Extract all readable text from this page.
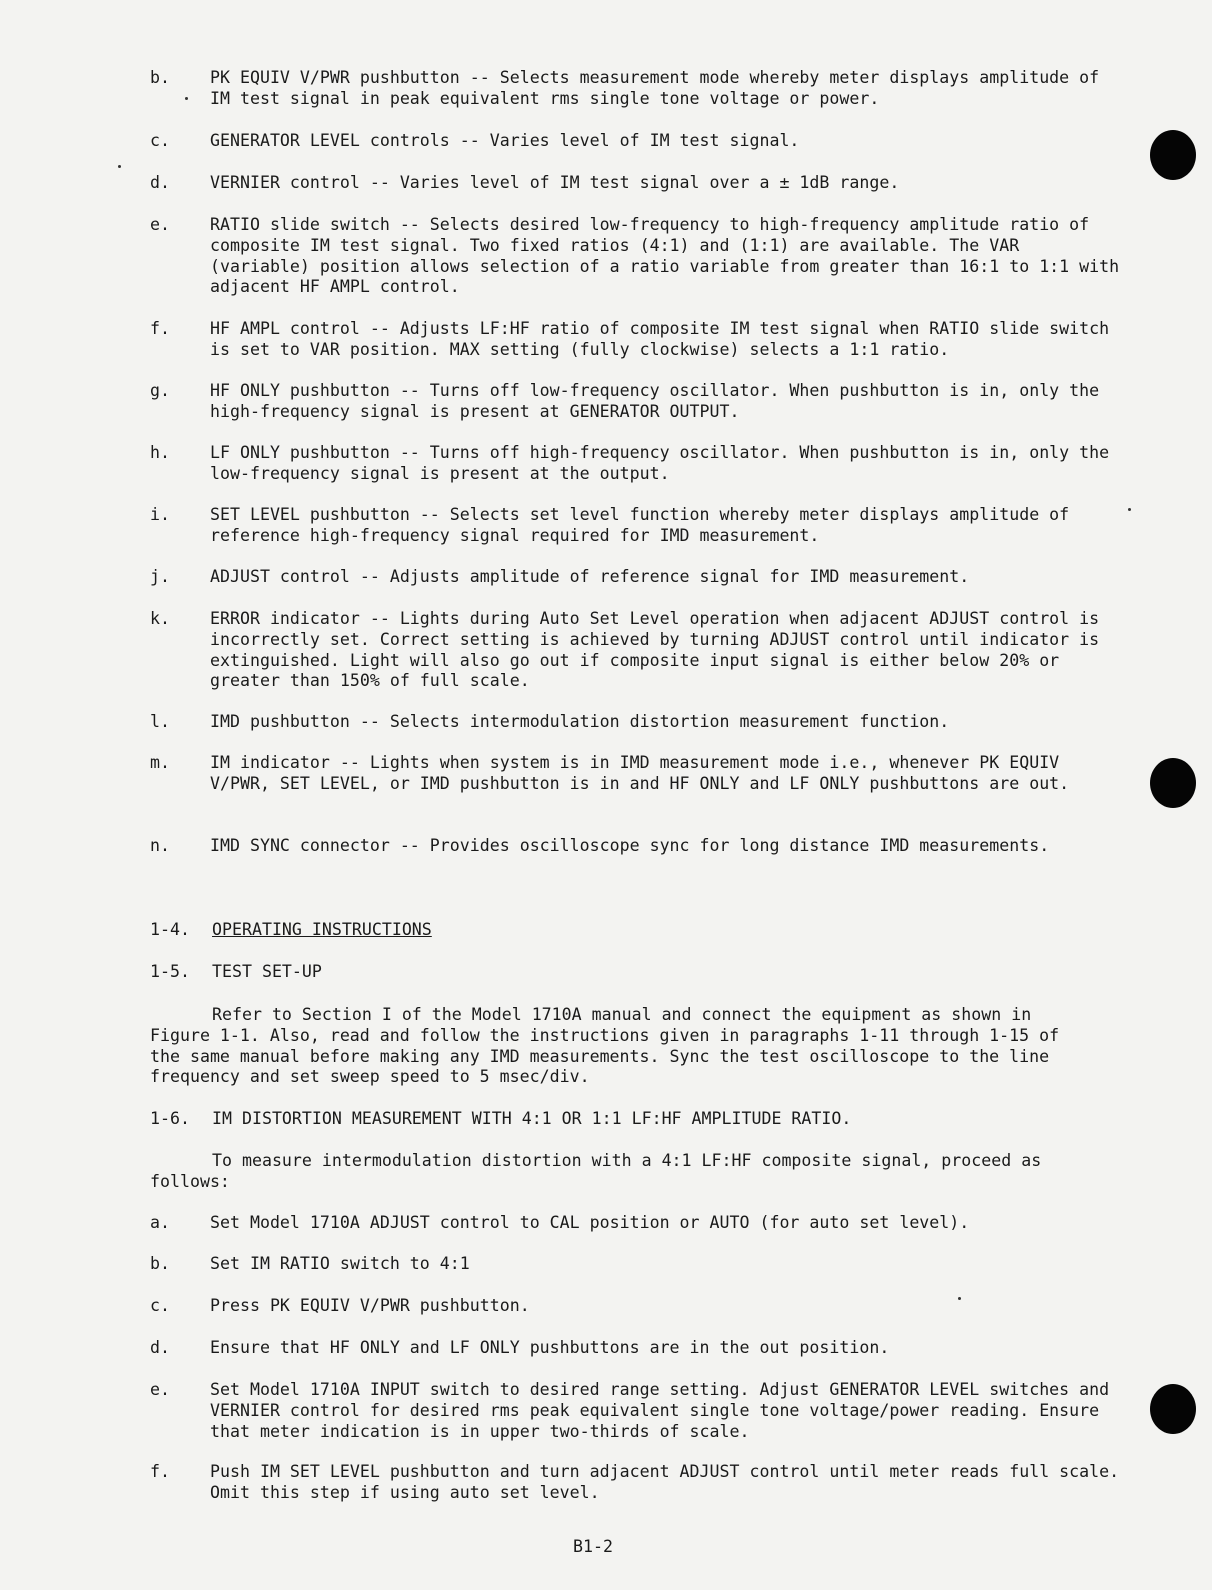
b. PK EQUIV V/PWR pushbutton -- Selects measurement mode whereby meter displays amplitude of IM test signal in peak equivalent rms single tone voltage or power.
c. GENERATOR LEVEL controls -- Varies level of IM test signal.
d. VERNIER control -- Varies level of IM test signal over a ± 1dB range.
e. RATIO slide switch -- Selects desired low-frequency to high-frequency amplitude ratio of composite IM test signal. Two fixed ratios (4:1) and (1:1) are available. The VAR (variable) position allows selection of a ratio variable from greater than 16:1 to 1:1 with adjacent HF AMPL control.
f. HF AMPL control -- Adjusts LF:HF ratio of composite IM test signal when RATIO slide switch is set to VAR position. MAX setting (fully clockwise) selects a 1:1 ratio.
g. HF ONLY pushbutton -- Turns off low-frequency oscillator. When pushbutton is in, only the high-frequency signal is present at GENERATOR OUTPUT.
h. LF ONLY pushbutton -- Turns off high-frequency oscillator. When pushbutton is in, only the low-frequency signal is present at the output.
i. SET LEVEL pushbutton -- Selects set level function whereby meter displays amplitude of reference high-frequency signal required for IMD measurement.
j. ADJUST control -- Adjusts amplitude of reference signal for IMD measurement.
k. ERROR indicator -- Lights during Auto Set Level operation when adjacent ADJUST control is incorrectly set. Correct setting is achieved by turning ADJUST control until indicator is extinguished. Light will also go out if composite input signal is either below 20% or greater than 150% of full scale.
l. IMD pushbutton -- Selects intermodulation distortion measurement function.
m. IM indicator -- Lights when system is in IMD measurement mode i.e., whenever PK EQUIV V/PWR, SET LEVEL, or IMD pushbutton is in and HF ONLY and LF ONLY pushbuttons are out.
n. IMD SYNC connector -- Provides oscilloscope sync for long distance IMD measurements.
1-4. OPERATING INSTRUCTIONS
1-5. TEST SET-UP
Refer to Section I of the Model 1710A manual and connect the equipment as shown in Figure 1-1. Also, read and follow the instructions given in paragraphs 1-11 through 1-15 of the same manual before making any IMD measurements. Sync the test oscilloscope to the line frequency and set sweep speed to 5 msec/div.
1-6. IM DISTORTION MEASUREMENT WITH 4:1 OR 1:1 LF:HF AMPLITUDE RATIO.
To measure intermodulation distortion with a 4:1 LF:HF composite signal, proceed as follows:
a. Set Model 1710A ADJUST control to CAL position or AUTO (for auto set level).
b. Set IM RATIO switch to 4:1
c. Press PK EQUIV V/PWR pushbutton.
d. Ensure that HF ONLY and LF ONLY pushbuttons are in the out position.
e. Set Model 1710A INPUT switch to desired range setting. Adjust GENERATOR LEVEL switches and VERNIER control for desired rms peak equivalent single tone voltage/power reading. Ensure that meter indication is in upper two-thirds of scale.
f. Push IM SET LEVEL pushbutton and turn adjacent ADJUST control until meter reads full scale. Omit this step if using auto set level.
B1-2
